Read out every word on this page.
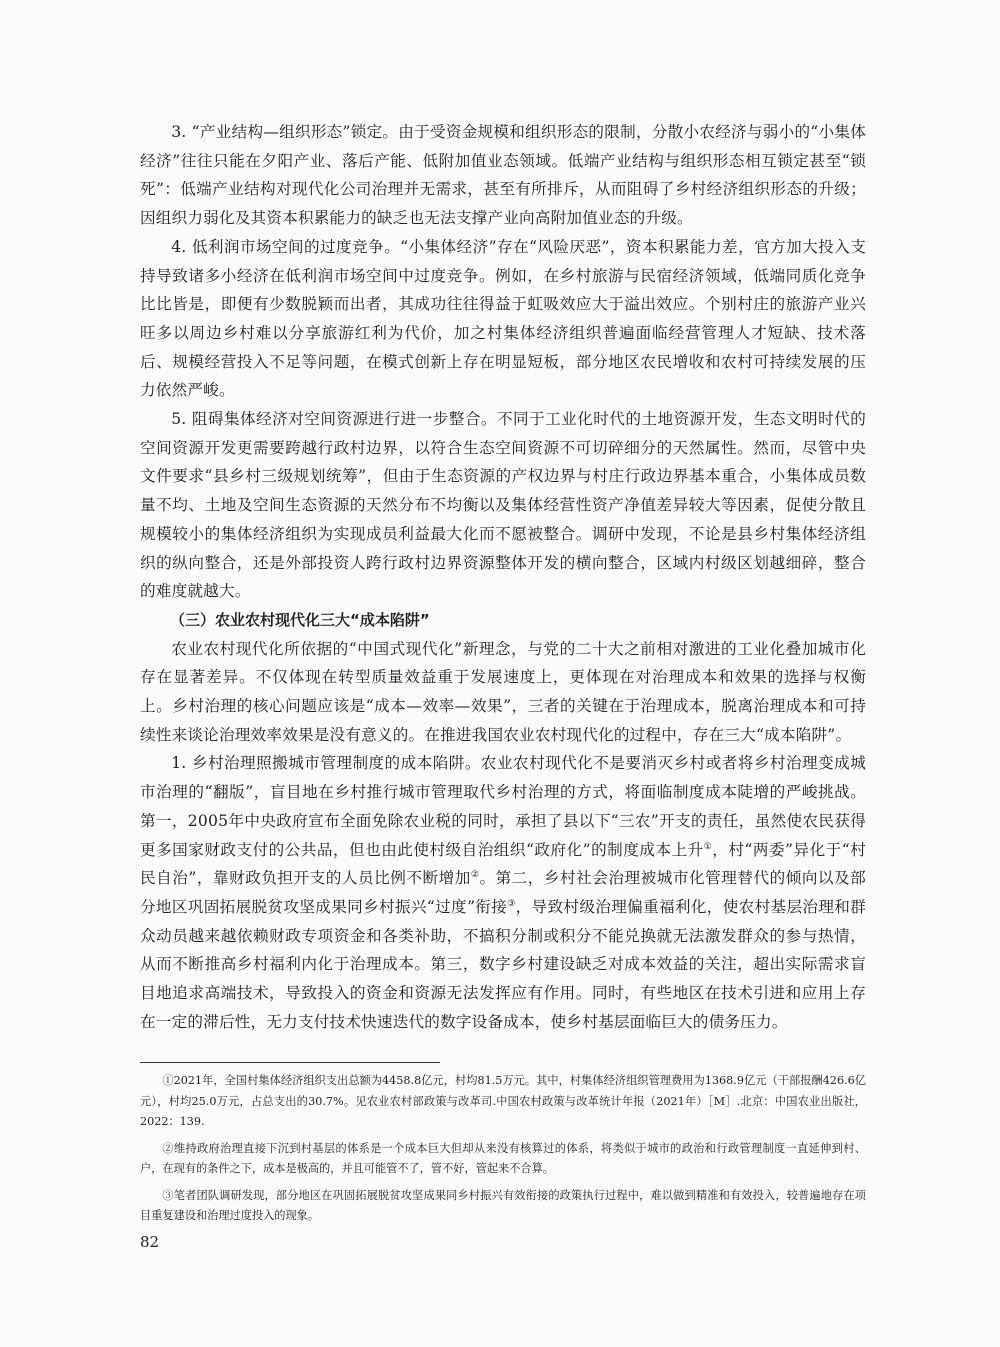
3. “产业结构—组织形态”锁定。由于受资金规模和组织形态的限制，分散小农经济与弱小的“小集体经济”往往只能在夕阳产业、落后产能、低附加值业态领域。低端产业结构与组织形态相互锁定甚至“锁死”：低端产业结构对现代化公司治理并无需求，甚至有所排斥，从而阻碍了乡村经济组织形态的升级；因组织力弱化及其资本积累能力的缺乏也无法支撑产业向高附加值业态的升级。

4. 低利润市场空间的过度竞争。“小集体经济”存在“风险厌恶”，资本积累能力差，官方加大投入支持导致诸多小经济在低利润市场空间中过度竞争。例如，在乡村旅游与民宿经济领域，低端同质化竞争比比皆是，即便有少数脱颖而出者，其成功往往得益于虹吸效应大于溢出效应。个别村庄的旅游产业兴旺多以周边乡村难以分享旅游红利为代价，加之村集体经济组织普遍面临经营管理人才短缺、技术落后、规模经营投入不足等问题，在模式创新上存在明显短板，部分地区农民增收和农村可持续发展的压力依然严峻。

5. 阻碍集体经济对空间资源进行进一步整合。不同于工业化时代的土地资源开发，生态文明时代的空间资源开发更需要跨越行政村边界，以符合生态空间资源不可切碎细分的天然属性。然而，尽管中央文件要求“县乡村三级规划统筹”，但由于生态资源的产权边界与村庄行政边界基本重合，小集体成员数量不均、土地及空间生态资源的天然分布不均衡以及集体经营性资产净值差异较大等因素，促使分散且规模较小的集体经济组织为实现成员利益最大化而不愿被整合。调研中发现，不论是县乡村集体经济组织的纵向整合，还是外部投资人跨行政村边界资源整体开发的横向整合，区域内村级区划越细碎，整合的难度就越大。

（三）农业农村现代化三大“成本陷阱”

农业农村现代化所依据的“中国式现代化”新理念，与党的二十大之前相对激进的工业化叠加城市化存在显著差异。不仅体现在转型质量效益重于发展速度上，更体现在对治理成本和效果的选择与权衡上。乡村治理的核心问题应该是“成本—效率—效果”，三者的关键在于治理成本，脱离治理成本和可持续性来谈论治理效率效果是没有意义的。在推进我国农业农村现代化的过程中，存在三大“成本陷阱”。

1. 乡村治理照搬城市管理制度的成本陷阱。农业农村现代化不是要消灭乡村或者将乡村治理变成城市治理的“翻版”，盲目地在乡村推行城市管理取代乡村治理的方式，将面临制度成本陡增的严峻挑战。第一，2005年中央政府宣布全面免除农业税的同时，承担了县以下“三农”开支的责任，虽然使农民获得更多国家财政支付的公共品，但也由此使村级自治组织“政府化”的制度成本上升①，村“两委”异化于“村民自治”，靠财政负担开支的人员比例不断增加②。第二，乡村社会治理被城市化管理替代的倾向以及部分地区巩固拓展脱贫攻坚成果同乡村振兴“过度”衔接③，导致村级治理偏重福利化，使农村基层治理和群众动员越来越依赖财政专项资金和各类补助，不搞积分制或积分不能兑换就无法激发群众的参与热情，从而不断推高乡村福利内化于治理成本。第三，数字乡村建设缺乏对成本效益的关注，超出实际需求盲目地追求高端技术，导致投入的资金和资源无法发挥应有作用。同时，有些地区在技术引进和应用上存在一定的滞后性，无力支付技术快速迭代的数字设备成本，使乡村基层面临巨大的债务压力。

①2021年，全国村集体经济组织支出总额为4458.8亿元，村均81.5万元。其中，村集体经济组织管理费用为1368.9亿元（干部报酬426.6亿元），村均25.0万元，占总支出的30.7%。见农业农村部政策与改革司.中国农村政策与改革统计年报（2021年）［M］.北京：中国农业出版社，2022：139.

②维持政府治理直接下沉到村基层的体系是一个成本巨大但却从来没有核算过的体系，将类似于城市的政治和行政管理制度一直延伸到村、户，在现有的条件之下，成本是极高的，并且可能管不了，管不好，管起来不合算。

③笔者团队调研发现，部分地区在巩固拓展脱贫攻坚成果同乡村振兴有效衔接的政策执行过程中，难以做到精准和有效投入，较普遍地存在项目重复建设和治理过度投入的现象。

82
